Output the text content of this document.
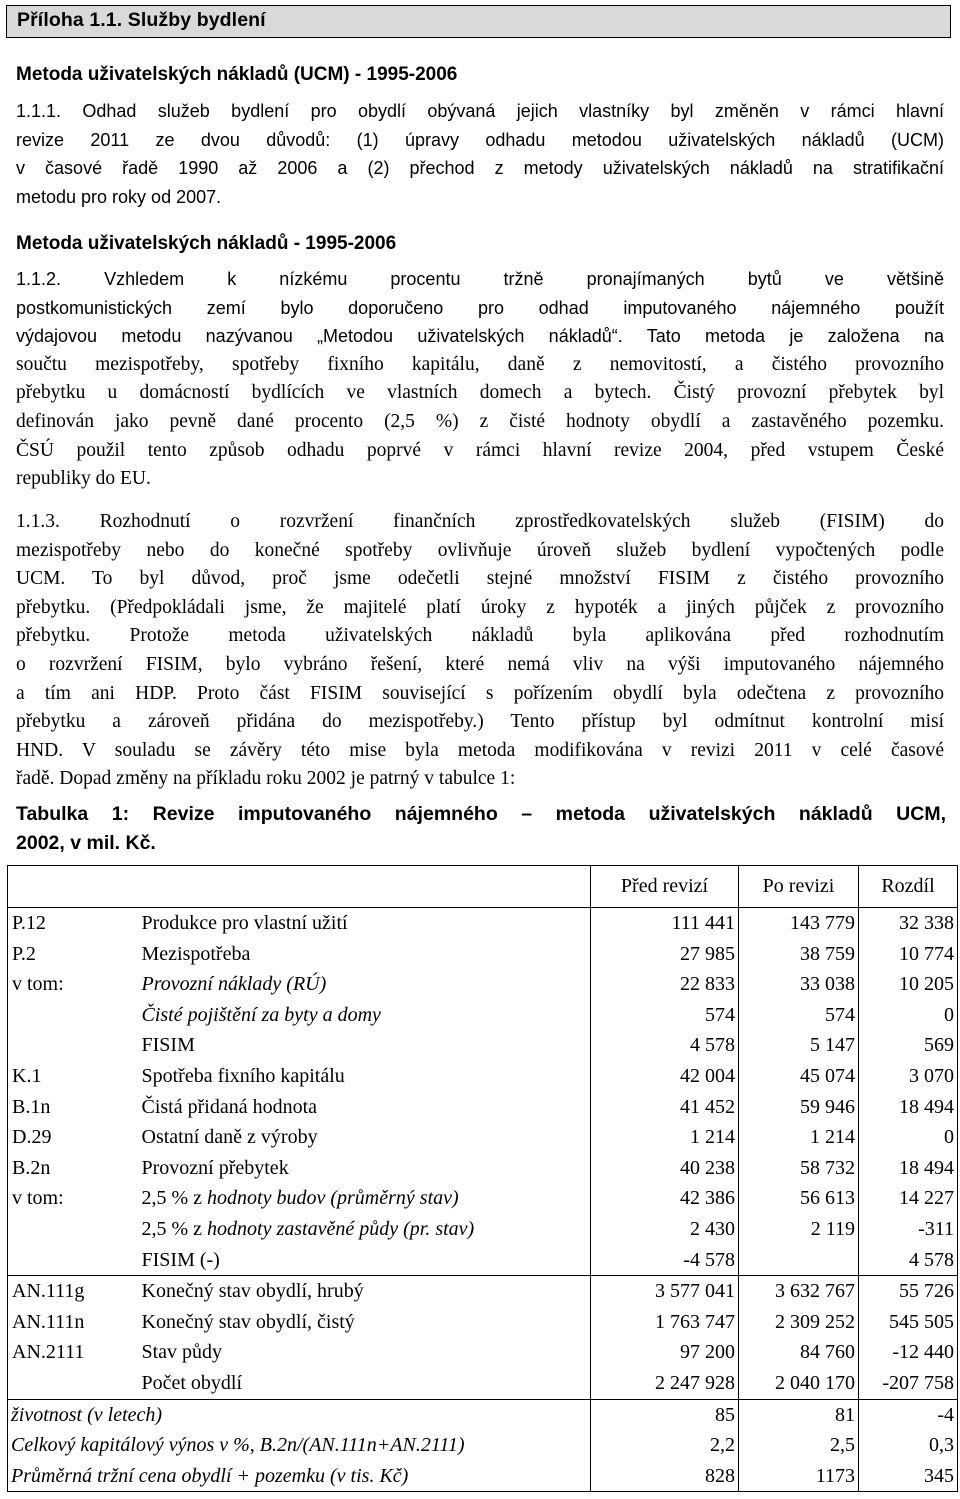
Příloha 1.1. Služby bydlení
Metoda uživatelských nákladů (UCM) - 1995-2006
1.1.1. Odhad služeb bydlení pro obydlí obývaná jejich vlastníky byl změněn v rámci hlavní
revize 2011 ze dvou důvodů: (1) úpravy odhadu metodou uživatelských nákladů (UCM)
v časové řadě 1990 až 2006 a (2) přechod z metody uživatelských nákladů na stratifikační
metodu pro roky od 2007.
Metoda uživatelských nákladů - 1995-2006
1.1.2. Vzhledem k nízkému procentu tržně pronajímaných bytů ve většině
postkomunistických zemí bylo doporučeno pro odhad imputovaného nájemného použít
výdajovou metodu nazývanou „Metodou uživatelských nákladů“. Tato metoda je založena na
součtu mezispotřeby, spotřeby fixního kapitálu, daně z nemovitostí, a čistého provozního
přebytku u domácností bydlících ve vlastních domech a bytech. Čistý provozní přebytek byl
definován jako pevně dané procento (2,5 %) z čisté hodnoty obydlí a zastavěného pozemku.
ČSÚ použil tento způsob odhadu poprvé v rámci hlavní revize 2004, před vstupem České
republiky do EU.
1.1.3. Rozhodnutí o rozvržení finančních zprostředkovatelských služeb (FISIM) do
mezispotřeby nebo do konečné spotřeby ovlivňuje úroveň služeb bydlení vypočtených podle
UCM. To byl důvod, proč jsme odečetli stejné množství FISIM z čistého provozního
přebytku. (Předpokládali jsme, že majitelé platí úroky z hypoték a jiných půjček z provozního
přebytku. Protože metoda uživatelských nákladů byla aplikována před rozhodnutím
o rozvržení FISIM, bylo vybráno řešení, které nemá vliv na výši imputovaného nájemného
a tím ani HDP. Proto část FISIM související s pořízením obydlí byla odečtena z provozního
přebytku a zároveň přidána do mezispotřeby.) Tento přístup byl odmítnut kontrolní misí
HND. V souladu se závěry této mise byla metoda modifikována v revizi 2011 v celé časové
řadě. Dopad změny na příkladu roku 2002 je patrný v tabulce 1:
Tabulka 1: Revize imputovaného nájemného – metoda uživatelských nákladů UCM,
2002, v mil. Kč.
		Před revizí	Po revizi	Rozdíl
P.12	Produkce pro vlastní užití	111 441	143 779	32 338
P.2	Mezispotřeba	27 985	38 759	10 774
v tom:	Provozní náklady (RÚ)	22 833	33 038	10 205
	Čisté pojištění za byty a domy	574	574	0
	FISIM	4 578	5 147	569
K.1	Spotřeba fixního kapitálu	42 004	45 074	3 070
B.1n	Čistá přidaná hodnota	41 452	59 946	18 494
D.29	Ostatní daně z výroby	1 214	1 214	0
B.2n	Provozní přebytek	40 238	58 732	18 494
v tom:	2,5 % z hodnoty budov (průměrný stav)	42 386	56 613	14 227
	2,5 % z hodnoty zastavěné půdy (pr. stav)	2 430	2 119	-311
	FISIM (-)	-4 578		4 578
AN.111g	Konečný stav obydlí, hrubý	3 577 041	3 632 767	55 726
AN.111n	Konečný stav obydlí, čistý	1 763 747	2 309 252	545 505
AN.2111	Stav půdy	97 200	84 760	-12 440
	Počet obydlí	2 247 928	2 040 170	-207 758
životnost (v letech)		85	81	-4
Celkový kapitálový výnos v %, B.2n/(AN.111n+AN.2111)		2,2	2,5	0,3
Průměrná tržní cena obydlí + pozemku (v tis. Kč)		828	1173	345
